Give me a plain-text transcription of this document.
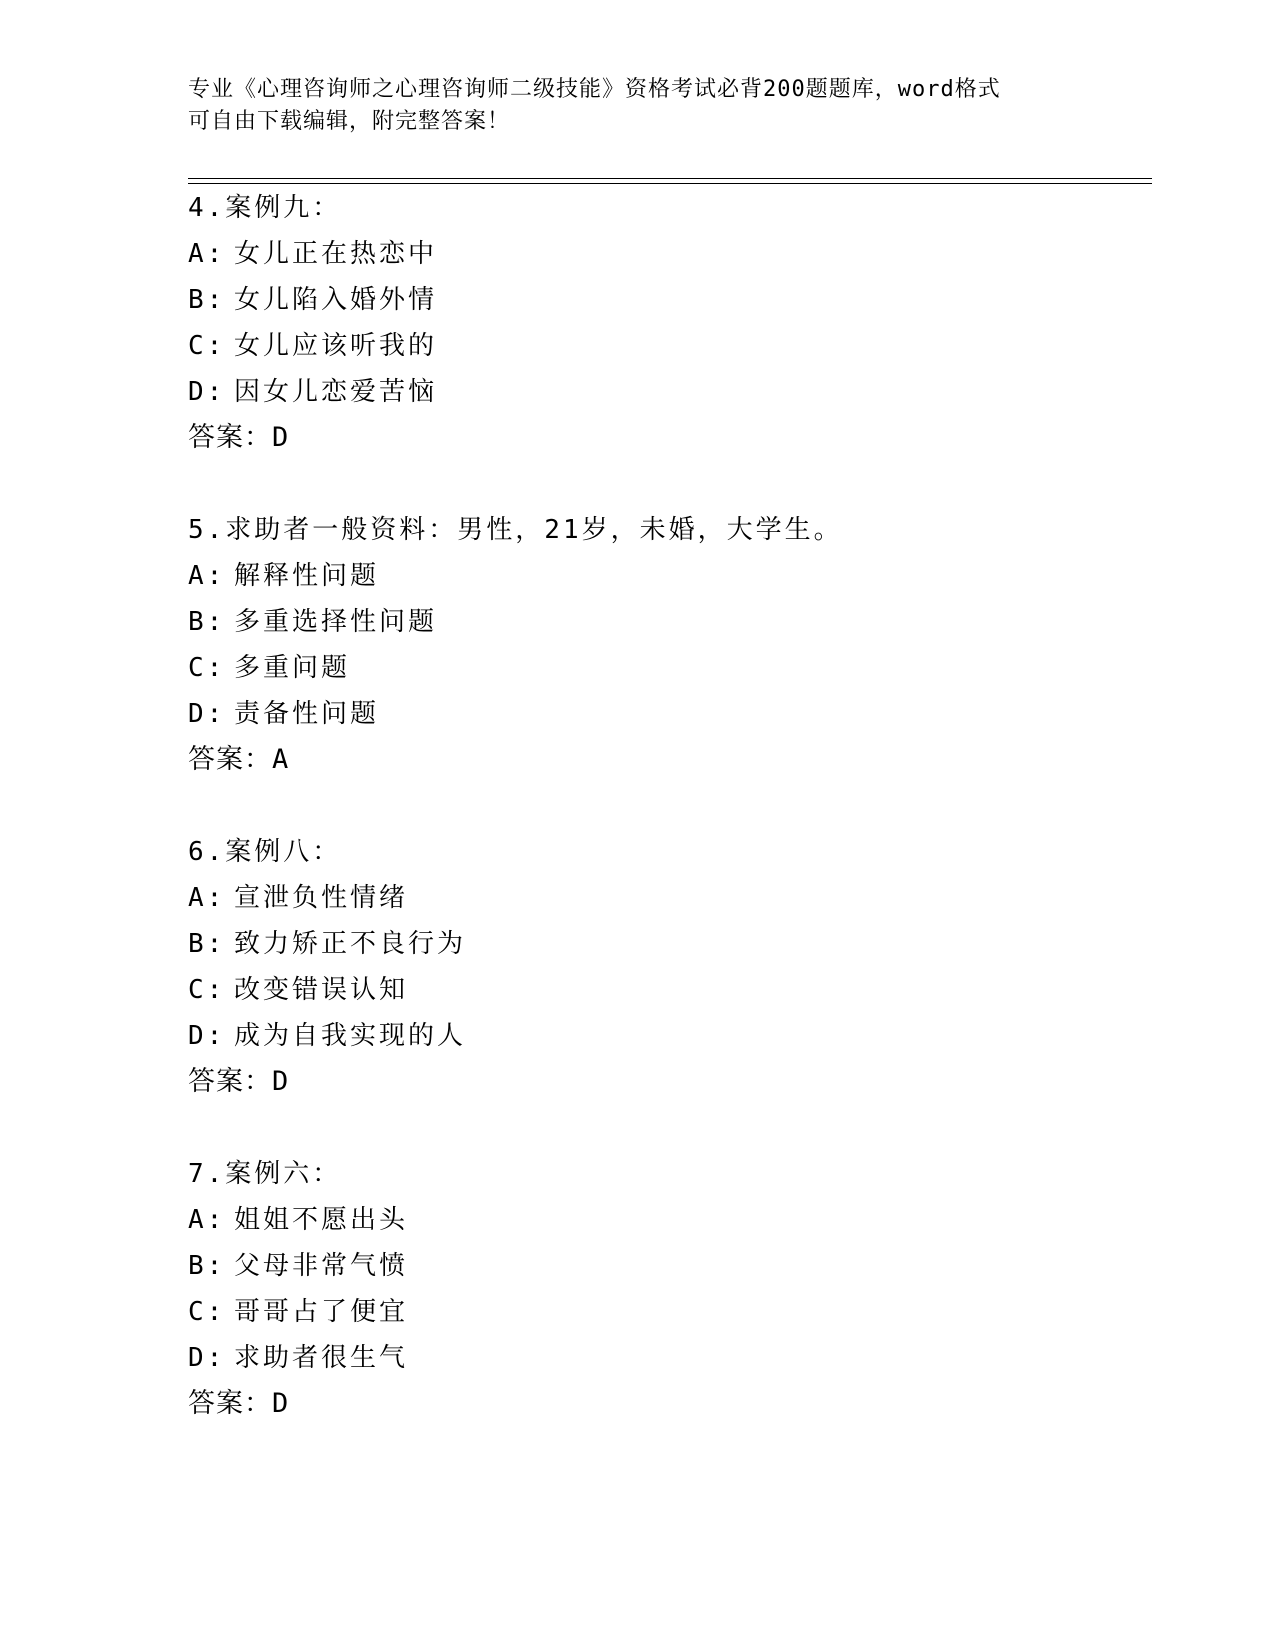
专业《心理咨询师之心理咨询师二级技能》资格考试必背200题题库，word格式
可自由下载编辑，附完整答案！
4.案例九：
A: 女儿正在热恋中
B: 女儿陷入婚外情
C: 女儿应该听我的
D: 因女儿恋爱苦恼
答案：D
5.求助者一般资料：男性，21岁，未婚，大学生。
A: 解释性问题
B: 多重选择性问题
C: 多重问题
D: 责备性问题
答案：A
6.案例八：
A: 宣泄负性情绪
B: 致力矫正不良行为
C: 改变错误认知
D: 成为自我实现的人
答案：D
7.案例六：
A: 姐姐不愿出头
B: 父母非常气愤
C: 哥哥占了便宜
D: 求助者很生气
答案：D
